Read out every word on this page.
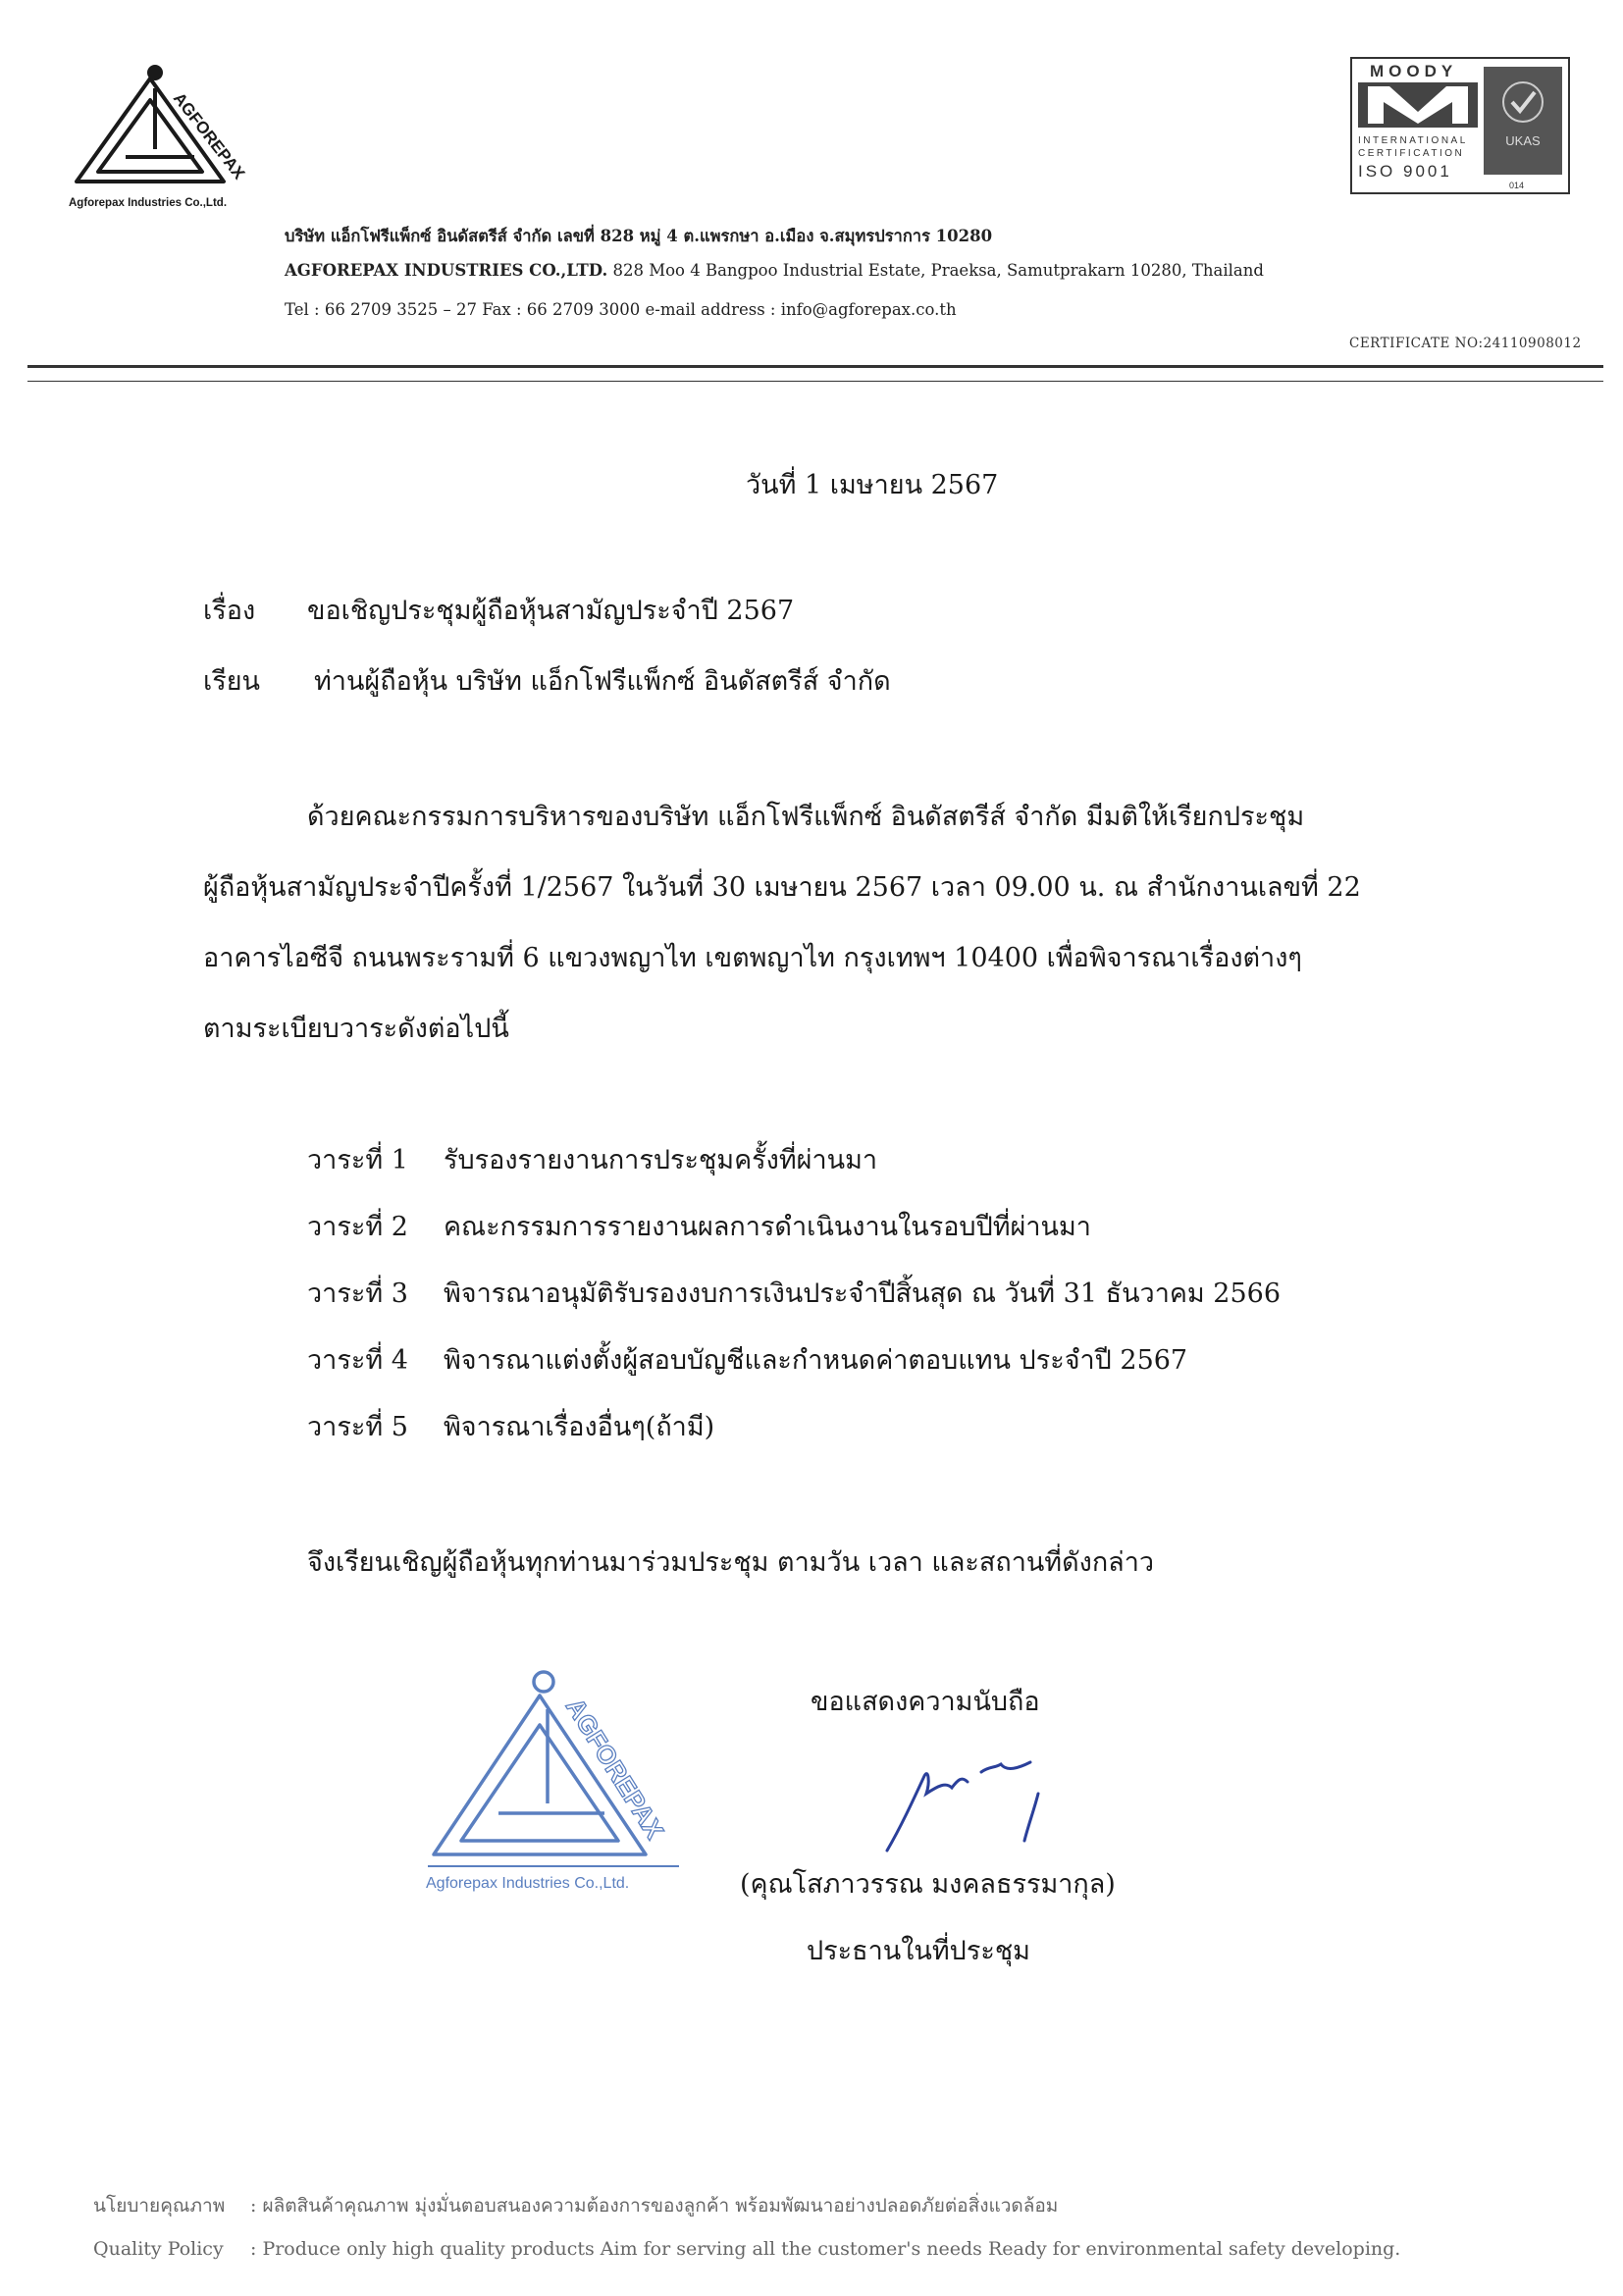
AGFOREPAX
Agforepax Industries Co.,Ltd.
บริษัท แอ็กโฟรีแพ็กซ์ อินดัสตรีส์ จำกัด เลขที่ 828 หมู่ 4 ต.แพรกษา อ.เมือง จ.สมุทรปราการ 10280
AGFOREPAX INDUSTRIES CO.,LTD. 828 Moo 4 Bangpoo Industrial Estate, Praeksa, Samutprakarn 10280, Thailand
Tel : 66 2709 3525 – 27 Fax : 66 2709 3000 e-mail address : info@agforepax.co.th
MOODY
UKAS
INTERNATIONAL
CERTIFICATION
ISO 9001
014
CERTIFICATE NO:24110908012
วันที่ 1 เมษายน 2567
เรื่อง	ขอเชิญประชุมผู้ถือหุ้นสามัญประจำปี 2567
เรียน	ท่านผู้ถือหุ้น บริษัท แอ็กโฟรีแพ็กซ์ อินดัสตรีส์ จำกัด
ด้วยคณะกรรมการบริหารของบริษัท แอ็กโฟรีแพ็กซ์ อินดัสตรีส์ จำกัด มีมติให้เรียกประชุม
ผู้ถือหุ้นสามัญประจำปีครั้งที่ 1/2567 ในวันที่ 30 เมษายน 2567 เวลา 09.00 น. ณ สำนักงานเลขที่ 22
อาคารไอซีจี ถนนพระรามที่ 6 แขวงพญาไท เขตพญาไท กรุงเทพฯ 10400 เพื่อพิจารณาเรื่องต่างๆ
ตามระเบียบวาระดังต่อไปนี้
วาระที่ 1 รับรองรายงานการประชุมครั้งที่ผ่านมา
วาระที่ 2 คณะกรรมการรายงานผลการดำเนินงานในรอบปีที่ผ่านมา
วาระที่ 3 พิจารณาอนุมัติรับรองงบการเงินประจำปีสิ้นสุด ณ วันที่ 31 ธันวาคม 2566
วาระที่ 4 พิจารณาแต่งตั้งผู้สอบบัญชีและกำหนดค่าตอบแทน ประจำปี 2567
วาระที่ 5 พิจารณาเรื่องอื่นๆ(ถ้ามี)
จึงเรียนเชิญผู้ถือหุ้นทุกท่านมาร่วมประชุม ตามวัน เวลา และสถานที่ดังกล่าว
ขอแสดงความนับถือ
AGFOREPAX
Agforepax Industries Co.,Ltd.	(คุณโสภาวรรณ มงคลธรรมากุล)
ประธานในที่ประชุม
นโยบายคุณภาพ : ผลิตสินค้าคุณภาพ มุ่งมั่นตอบสนองความต้องการของลูกค้า พร้อมพัฒนาอย่างปลอดภัยต่อสิ่งแวดล้อม
Quality Policy : Produce only high quality products Aim for serving all the customer's needs Ready for environmental safety developing.
